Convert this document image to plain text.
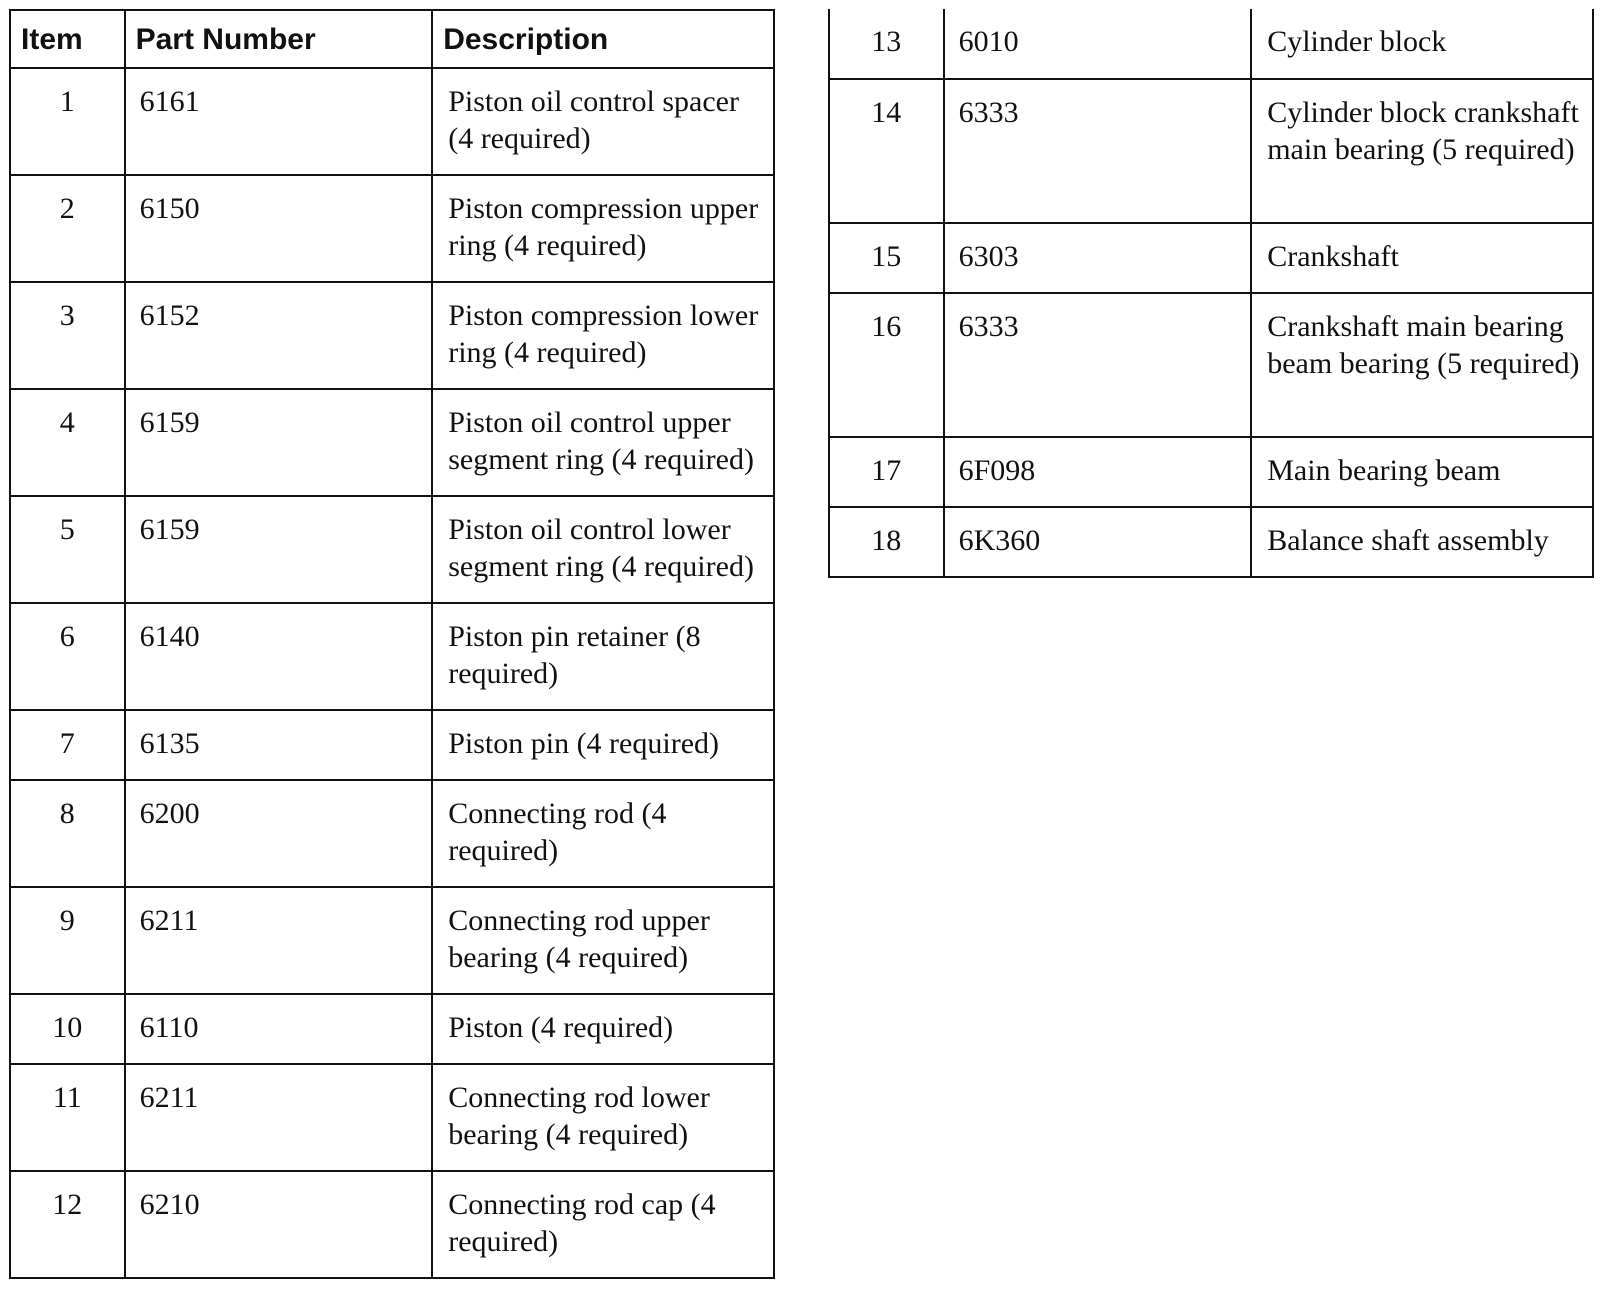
Item	Part Number	Description
1	6161	Piston oil control spacer (4 required)
2	6150	Piston compression upper ring (4 required)
3	6152	Piston compression lower ring (4 required)
4	6159	Piston oil control upper segment ring (4 required)
5	6159	Piston oil control lower segment ring (4 required)
6	6140	Piston pin retainer (8 required)
7	6135	Piston pin (4 required)
8	6200	Connecting rod (4 required)
9	6211	Connecting rod upper bearing (4 required)
10	6110	Piston (4 required)
11	6211	Connecting rod lower bearing (4 required)
12	6210	Connecting rod cap (4 required)
13	6010	Cylinder block
14	6333	Cylinder block crankshaft main bearing (5 required)
15	6303	Crankshaft
16	6333	Crankshaft main bearing beam bearing (5 required)
17	6F098	Main bearing beam
18	6K360	Balance shaft assembly
